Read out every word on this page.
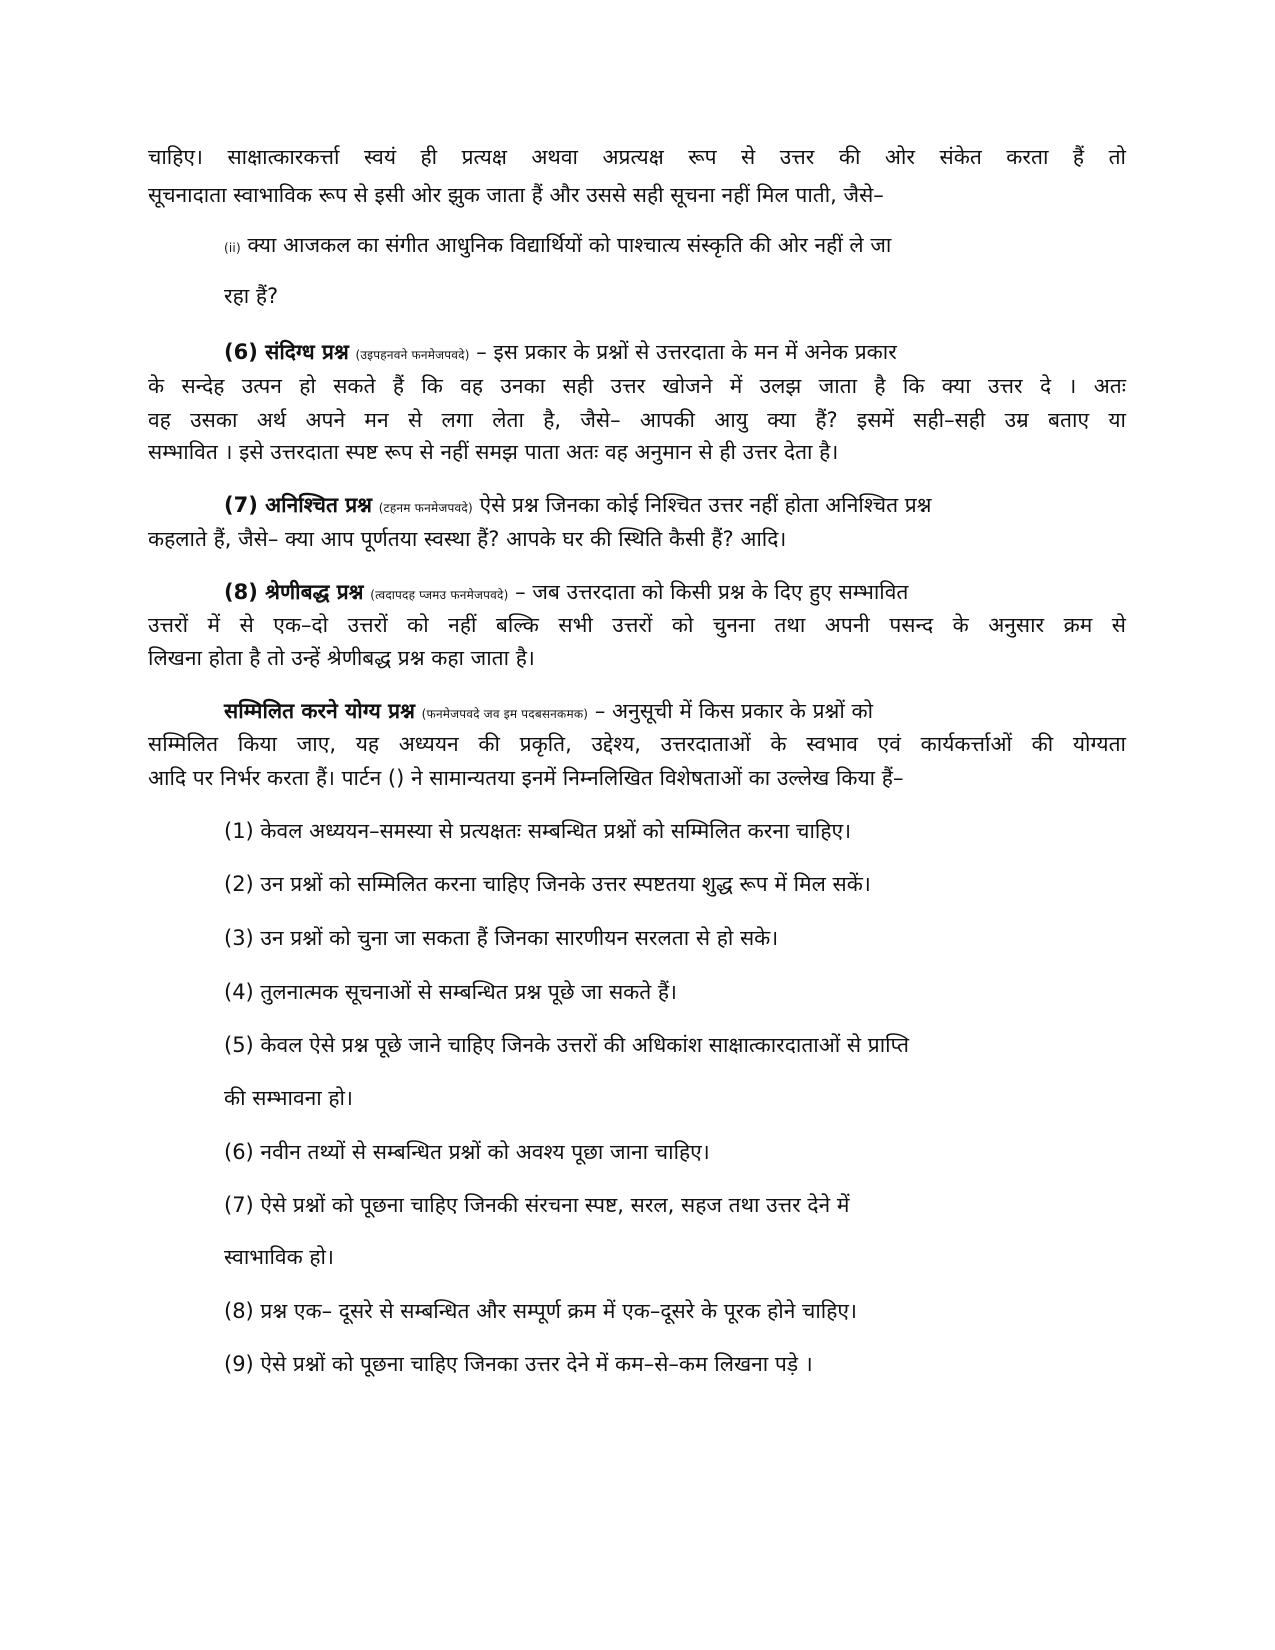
चाहिए। साक्षात्कारकर्त्ता स्वयं ही प्रत्यक्ष अथवा अप्रत्यक्ष रूप से उत्तर की ओर संकेत करता हैं तो
सूचनादाता स्वाभाविक रूप से इसी ओर झुक जाता हैं और उससे सही सूचना नहीं मिल पाती, जैसे–
(ii) क्या आजकल का संगीत आधुनिक विद्यार्थियों को पाश्चात्य संस्कृति की ओर नहीं ले जा
रहा हैं?
(6) संदिग्ध प्रश्न (उइपहनवने फनमेजपवदे) – इस प्रकार के प्रश्नों से उत्तरदाता के मन में अनेक प्रकार
के सन्देह उत्पन हो सकते हैं कि वह उनका सही उत्तर खोजने में उलझ जाता है कि क्या उत्तर दे । अतः
वह उसका अर्थ अपने मन से लगा लेता है, जैसे– आपकी आयु क्या हैं? इसमें सही–सही उम्र बताए या
सम्भावित । इसे उत्तरदाता स्पष्ट रूप से नहीं समझ पाता अतः वह अनुमान से ही उत्तर देता है।
(7) अनिश्चित प्रश्न (टहनम फनमेजपवदे) ऐसे प्रश्न जिनका कोई निश्चित उत्तर नहीं होता अनिश्चित प्रश्न
कहलाते हैं, जैसे– क्या आप पूर्णतया स्वस्था हैं? आपके घर की स्थिति कैसी हैं? आदि।
(8) श्रेणीबद्ध प्रश्न (त्वदापदह प्जमउ फनमेजपवदे) – जब उत्तरदाता को किसी प्रश्न के दिए हुए सम्भावित
उत्तरों में से एक–दो उत्तरों को नहीं बल्कि सभी उत्तरों को चुनना तथा अपनी पसन्द के अनुसार क्रम से
लिखना होता है तो उन्हें श्रेणीबद्ध प्रश्न कहा जाता है।
सम्मिलित करने योग्य प्रश्न (फनमेजपवदे जव इम पदबसनकमक) – अनुसूची में किस प्रकार के प्रश्नों को
सम्मिलित किया जाए, यह अध्ययन की प्रकृति, उद्देश्य, उत्तरदाताओं के स्वभाव एवं कार्यकर्त्ताओं की योग्यता
आदि पर निर्भर करता हैं। पार्टन () ने सामान्यतया इनमें निम्नलिखित विशेषताओं का उल्लेख किया हैं–
(1) केवल अध्ययन–समस्या से प्रत्यक्षतः सम्बन्धित प्रश्नों को सम्मिलित करना चाहिए।
(2) उन प्रश्नों को सम्मिलित करना चाहिए जिनके उत्तर स्पष्टतया शुद्ध रूप में मिल सकें।
(3) उन प्रश्नों को चुना जा सकता हैं जिनका सारणीयन सरलता से हो सके।
(4) तुलनात्मक सूचनाओं से सम्बन्धित प्रश्न पूछे जा सकते हैं।
(5) केवल ऐसे प्रश्न पूछे जाने चाहिए जिनके उत्तरों की अधिकांश साक्षात्कारदाताओं से प्राप्ति
की सम्भावना हो।
(6) नवीन तथ्यों से सम्बन्धित प्रश्नों को अवश्य पूछा जाना चाहिए।
(7) ऐसे प्रश्नों को पूछना चाहिए जिनकी संरचना स्पष्ट, सरल, सहज तथा उत्तर देने में
स्वाभाविक हो।
(8) प्रश्न एक– दूसरे से सम्बन्धित और सम्पूर्ण क्रम में एक–दूसरे के पूरक होने चाहिए।
(9) ऐसे प्रश्नों को पूछना चाहिए जिनका उत्तर देने में कम–से–कम लिखना पड़े ।
